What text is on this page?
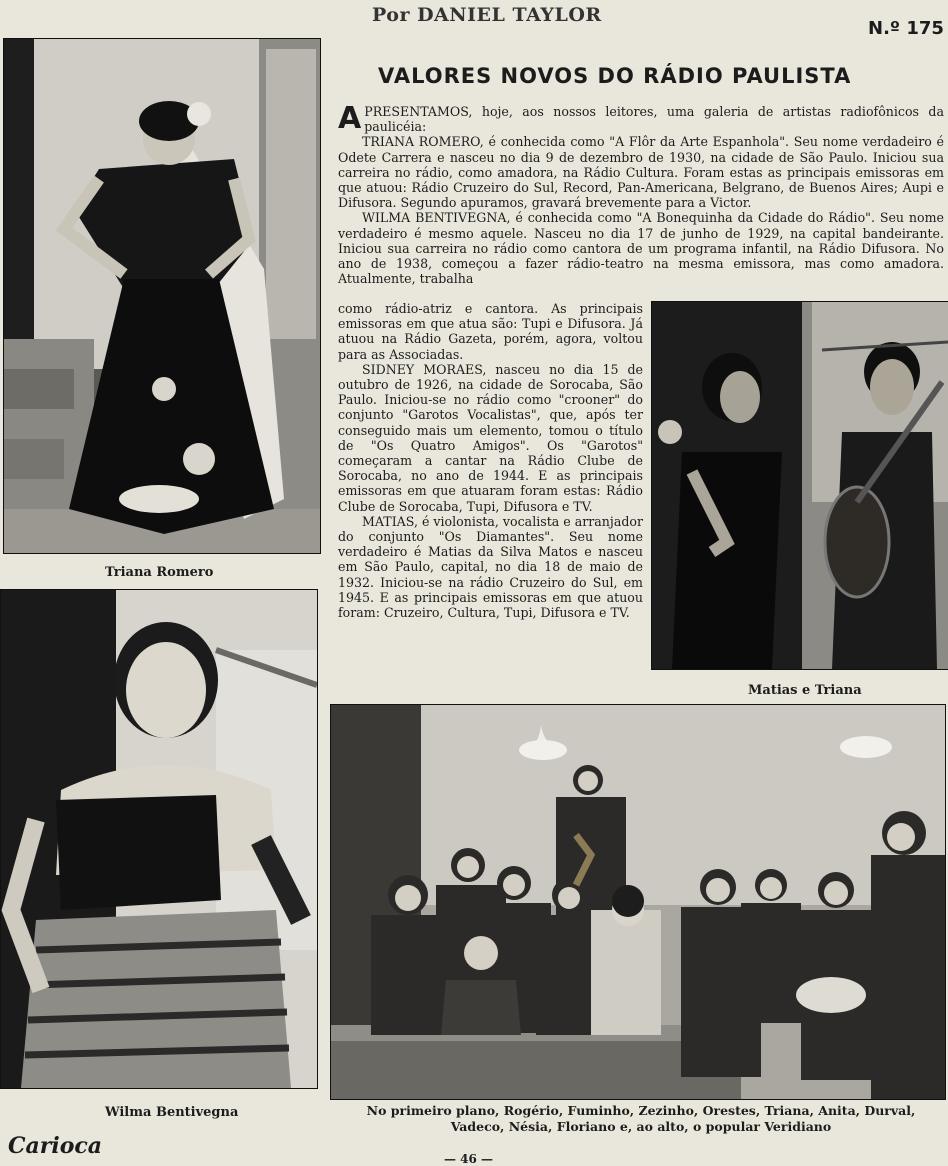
Por DANIEL TAYLOR
N.º 175
VALORES NOVOS DO RÁDIO PAULISTA
Triana Romero
Wilma Bentivegna

APRESENTAMOS, hoje, aos nossos leitores, uma galeria de artistas radiofônicos da paulicéia:

TRIANA ROMERO, é conhecida como "A Flôr da Arte Espanhola". Seu nome verdadeiro é Odete Carrera e nasceu no dia 9 de dezembro de 1930, na cidade de São Paulo. Iniciou sua carreira no rádio, como amadora, na Rádio Cultura. Foram estas as principais emissoras em que atuou: Rádio Cruzeiro do Sul, Record, Pan-Americana, Belgrano, de Buenos Aires; Aupi e Difusora. Segundo apuramos, gravará brevemente para a Victor.

WILMA BENTIVEGNA, é conhecida como "A Bonequinha da Cidade do Rádio". Seu nome verdadeiro é mesmo aquele. Nasceu no dia 17 de junho de 1929, na capital bandeirante. Iniciou sua carreira no rádio como cantora de um programa infantil, na Rádio Difusora. No ano de 1938, começou a fazer rádio-teatro na mesma emissora, mas como amadora. Atualmente, trabalha

como rádio-atriz e cantora. As principais emissoras em que atua são: Tupi e Difusora. Já atuou na Rádio Gazeta, porém, agora, voltou para as Associadas.

SIDNEY MORAES, nasceu no dia 15 de outubro de 1926, na cidade de Sorocaba, São Paulo. Iniciou-se no rádio como "crooner" do conjunto "Garotos Vocalistas", que, após ter conseguido mais um elemento, tomou o título de "Os Quatro Amigos". Os "Garotos" começaram a cantar na Rádio Clube de Sorocaba, no ano de 1944. E as principais emissoras em que atuaram foram estas: Rádio Clube de Sorocaba, Tupi, Difusora e TV.

MATIAS, é violonista, vocalista e arranjador do conjunto "Os Diamantes". Seu nome verdadeiro é Matias da Silva Matos e nasceu em São Paulo, capital, no dia 18 de maio de 1932. Iniciou-se na rádio Cruzeiro do Sul, em 1945. E as principais emissoras em que atuou foram: Cruzeiro, Cultura, Tupi, Difusora e TV.

Matias e Triana
No primeiro plano, Rogério, Fuminho, Zezinho, Orestes, Triana, Anita, Durval, Vadeco, Nésia, Floriano e, ao alto, o popular Veridiano
Carioca	— 46 —
